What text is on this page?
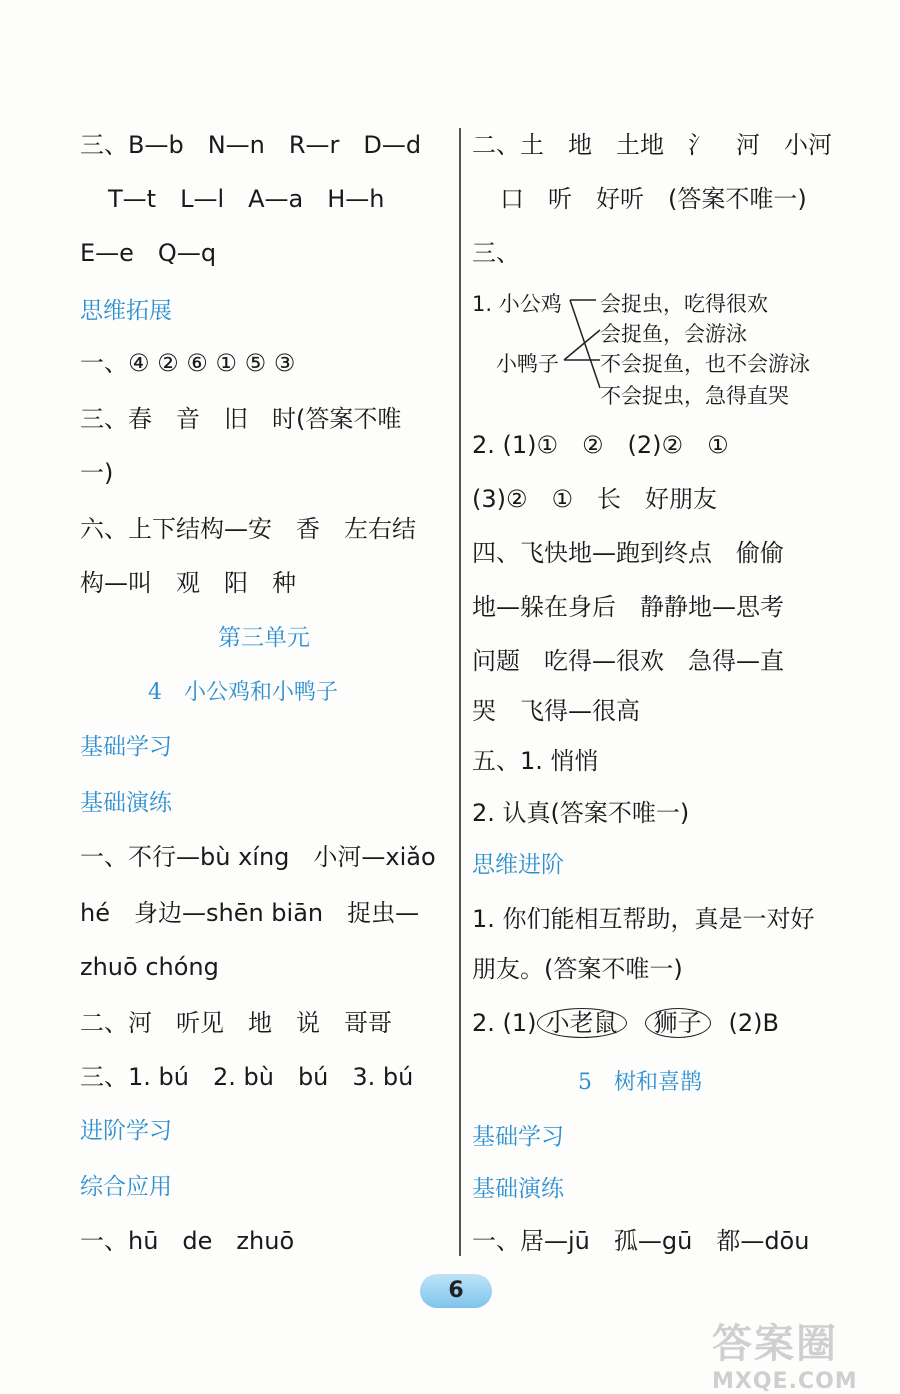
三、B—b　N—n　R—r　D—d
T—t　L—l　A—a　H—h
E—e　Q—q
思维拓展
一、④ ② ⑥ ① ⑤ ③
三、春　音　旧　时(答案不唯
一)
六、上下结构—安　香　左右结
构—叫　观　阳　种
第三单元
4　小公鸡和小鸭子
基础学习
基础演练
一、不行—bù xíng　小河—xiǎo
hé　身边—shēn biān　捉虫—
zhuō chóng
二、河　听见　地　说　哥哥
三、1. bú　2. bù　bú　3. bú
进阶学习
综合应用
一、hū　de　zhuō
二、土　地　土地　氵　河　小河
口　听　好听　(答案不唯一)
三、
1. 小公鸡
小鸭子
会捉虫，吃得很欢
会捉鱼，会游泳
不会捉鱼，也不会游泳
不会捉虫，急得直哭
2. (1)①　②　(2)②　①
(3)②　①　长　好朋友
四、飞快地—跑到终点　偷偷
地—躲在身后　静静地—思考
问题　吃得—很欢　急得—直
哭　飞得—很高
五、1. 悄悄
2. 认真(答案不唯一)
思维进阶
1. 你们能相互帮助，真是一对好
朋友。(答案不唯一)
2. (1) 小老鼠 狮子 (2)B
5　树和喜鹊
基础学习
基础演练
一、居—jū　孤—gū　都—dōu
6
答案圈
MXQE.COM
